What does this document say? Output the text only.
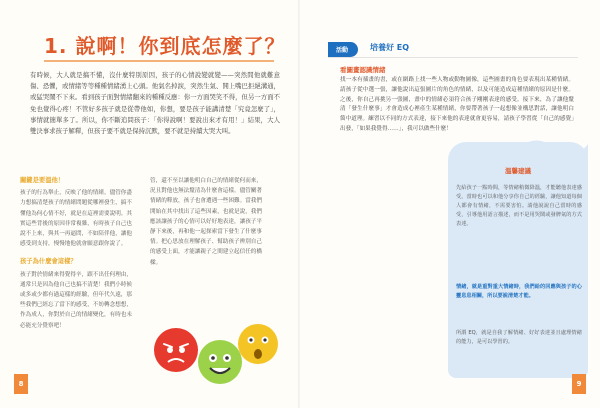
1. 說啊！你到底怎麼了？

有時候，大人就是搞不懂，沒什麼特別原因，孩子的心情說變就變——突然間他就難意傷、恐懼，或情緒等等種種情緒湧上心頭。他氣名掉淚，突然生氣、開上嘴巴拒絕溝通，或猛哭鬧不下來。看到孩子面對情緒翻來的種種反應：你一方面哭笑不得，但另一方面不免也覺得心疼！不管好多孩子就是從帶他如，你想，要是孩子能講清楚「究竟怎麼了」，事情就簡單多了。所以，你不斷追問孩子：「你得說啊！要說出來才有用！」結果，大人雙決事求孩子解釋，但孩子要不就是保持沉默，要不就是持續大哭大叫。

關鍵是要溫他！

孩子的行為舉止，反映了他的情緒。儘管你盡力想搞清楚孩子的情緒問題從哪裡發生，搞不懂他為何心情不好，就是在這裡需要說明。其實這些背後的原因非常複雜，有時孩子自己也說不上來，與其一再逼問，不如陪伴他，讓他感受到支持，慢慢地他就會願意跟你說了。

孩子為什麼會這樣？

孩子對於情緒來得覺得辛，跟不出任何理由，通常只是因為他自己也搞不清楚！我們小時候或多或少都有過這樣的經驗，但年代久遠，那些我們已經忘了當下的感受，不妨轉念想想，作為成人，你對於自己的情緒變化，有時也未必能充分覺察吧！

管，還不至以讓他明白自己的情緒從何而來，況且對他也無法釐清為什麼會這樣。儘管關著情緒的釋放，孩子也會遭遇一些困難。當我們開始在其中找出了這些因素，也就是說，我們應該讓孩子的心情可以好好地表達，讓孩子平靜下來後，再和他一起探索當下發生了什麼事情。把心思放在理解孩子、幫助孩子辨別自己的感受上面，才能讓親子之間建立起信任的橋樑。

8
活動	培養好 EQ
看圖畫認識情緒

找一本有插畫的書，或在網路上找一些人物或動物圖像，這些圖畫的角色要表現出某種情緒。請孩子從中選一張，讓他說出這張圖片的角色的情緒，以及可能造成這種情緒的原因是什麼。之後，你自己再挑另一張圖，畫中的情緒必須符合孩子剛剛表達的感受。接下來，為了讓他釐清「發生什麼事」才會造成心裡產生某種情緒，你要帶著孩子一起想像並構思對話，讓他明白箇中道理。練習以不同的方式表達，接下來他的表達就會更容易，請孩子學習從「自己的感覺」出發，「如果我覺得……」，我可以做些什麼！

溫馨建議

先給孩子一點時間，等情緒稍微降溫，才能聽他表達感受。當時也可以和他分享你自己的經驗，讓他知道每個人都會有情緒，不需要害怕。請他說說自己當時的感受，引導他用語言描述，而不是用哭鬧或發脾氣的方式表達。

情緒，就是重對重大情緒時，我們給的回應與孩子的心靈息息相關，所以要說清楚才能。

所謂 EQ，就是自我了解情緒、好好表達並且處理情緒的能力，是可以學習的。

9
